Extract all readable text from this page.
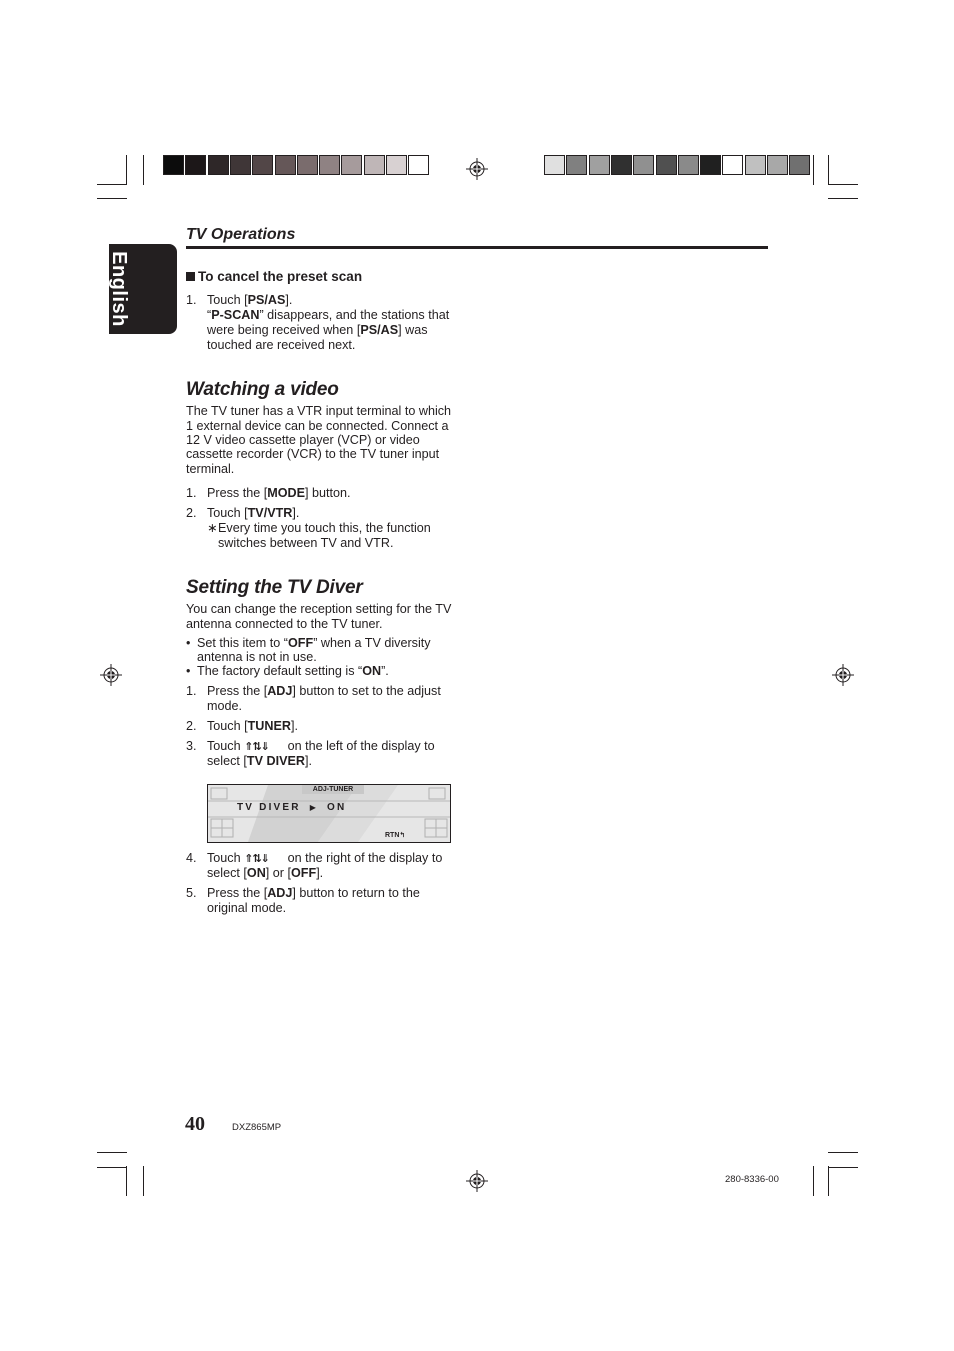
English
TV Operations
To cancel the preset scan
1. Touch [PS/AS].
“P-SCAN” disappears, and the stations that
were being received when [PS/AS] was
touched are received next.
Watching a video
The TV tuner has a VTR input terminal to which
1 external device can be connected. Connect a
12 V video cassette player (VCP) or video
cassette recorder (VCR) to the TV tuner input
terminal.
1. Press the [MODE] button.
2. Touch [TV/VTR].
∗ Every time you touch this, the function
switches between TV and VTR.
Setting the TV Diver
You can change the reception setting for the TV
antenna connected to the TV tuner.
• Set this item to “OFF” when a TV diversity
antenna is not in use.
• The factory default setting is “ON”.
1. Press the [ADJ] button to set to the adjust
mode.
2. Touch [TUNER].
3. Touch ⇑⇅⇓ on the left of the display to
select [TV DIVER].
ADJ-TUNER
TV DIVER ▶ ON
RTN↰
4. Touch ⇑⇅⇓ on the right of the display to
select [ON] or [OFF].
5. Press the [ADJ] button to return to the
original mode.
40	DXZ865MP
280-8336-00
